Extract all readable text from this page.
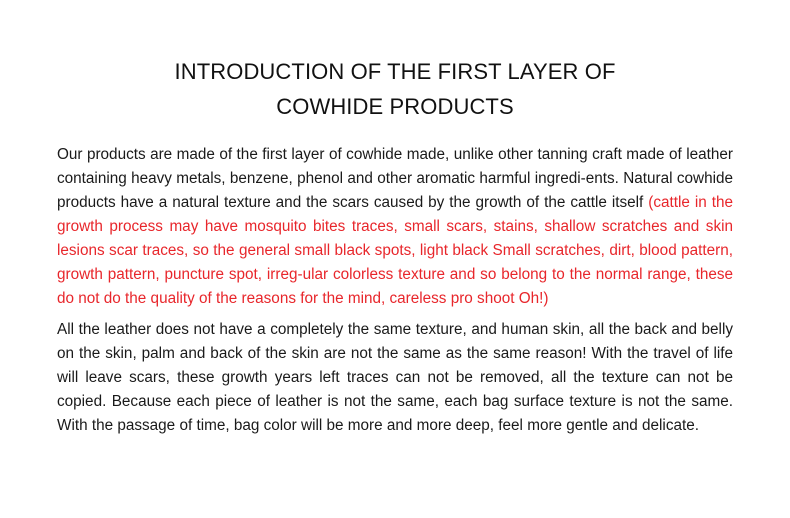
INTRODUCTION OF THE FIRST LAYER OF
COWHIDE PRODUCTS

Our products are made of the first layer of cowhide made, unlike other tanning craft made of leather containing heavy metals, benzene, phenol and other aromatic harmful ingredi-ents. Natural cowhide products have a natural texture and the scars caused by the growth of the cattle itself (cattle in the growth process may have mosquito bites traces, small scars, stains, shallow scratches and skin lesions scar traces, so the general small black spots, light black Small scratches, dirt, blood pattern, growth pattern, puncture spot, irreg-ular colorless texture and so belong to the normal range, these do not do the quality of the reasons for the mind, careless pro shoot Oh!)

All the leather does not have a completely the same texture, and human skin, all the back and belly on the skin, palm and back of the skin are not the same as the same reason! With the travel of life will leave scars, these growth years left traces can not be removed, all the texture can not be copied. Because each piece of leather is not the same, each bag surface texture is not the same. With the passage of time, bag color will be more and more deep, feel more gentle and delicate.
